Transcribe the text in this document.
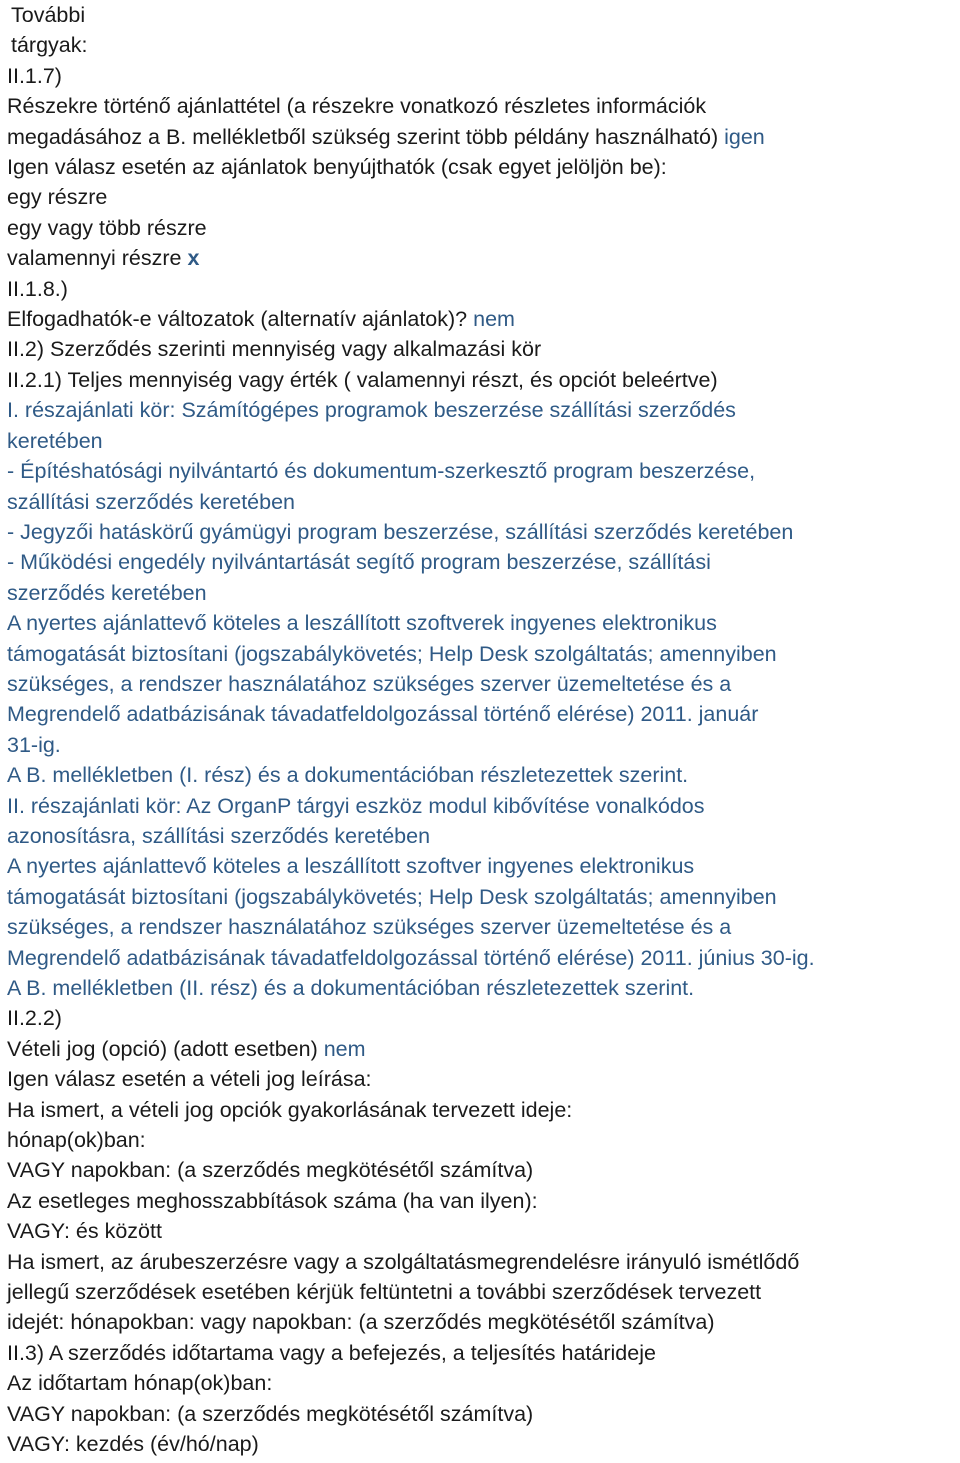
További
tárgyak:
II.1.7)
Részekre történő ajánlattétel (a részekre vonatkozó részletes információk
megadásához a B. mellékletből szükség szerint több példány használható) igen
Igen válasz esetén az ajánlatok benyújthatók (csak egyet jelöljön be):
egy részre
egy vagy több részre
valamennyi részre x
II.1.8.)
Elfogadhatók-e változatok (alternatív ajánlatok)? nem
II.2) Szerződés szerinti mennyiség vagy alkalmazási kör
II.2.1) Teljes mennyiség vagy érték ( valamennyi részt, és opciót beleértve)
I. részajánlati kör: Számítógépes programok beszerzése szállítási szerződés
keretében
- Építéshatósági nyilvántartó és dokumentum-szerkesztő program beszerzése,
szállítási szerződés keretében
- Jegyzői hatáskörű gyámügyi program beszerzése, szállítási szerződés keretében
- Működési engedély nyilvántartását segítő program beszerzése, szállítási
szerződés keretében
A nyertes ajánlattevő köteles a leszállított szoftverek ingyenes elektronikus
támogatását biztosítani (jogszabálykövetés; Help Desk szolgáltatás; amennyiben
szükséges, a rendszer használatához szükséges szerver üzemeltetése és a
Megrendelő adatbázisának távadatfeldolgozással történő elérése) 2011. január
31-ig.
A B. mellékletben (I. rész) és a dokumentációban részletezettek szerint.
II. részajánlati kör: Az OrganP tárgyi eszköz modul kibővítése vonalkódos
azonosításra, szállítási szerződés keretében
A nyertes ajánlattevő köteles a leszállított szoftver ingyenes elektronikus
támogatását biztosítani (jogszabálykövetés; Help Desk szolgáltatás; amennyiben
szükséges, a rendszer használatához szükséges szerver üzemeltetése és a
Megrendelő adatbázisának távadatfeldolgozással történő elérése) 2011. június 30-ig.
A B. mellékletben (II. rész) és a dokumentációban részletezettek szerint.
II.2.2)
Vételi jog (opció) (adott esetben) nem
Igen válasz esetén a vételi jog leírása:
Ha ismert, a vételi jog opciók gyakorlásának tervezett ideje:
hónap(ok)ban:
VAGY napokban: (a szerződés megkötésétől számítva)
Az esetleges meghosszabbítások száma (ha van ilyen):
VAGY: és között
Ha ismert, az árubeszerzésre vagy a szolgáltatásmegrendelésre irányuló ismétlődő
jellegű szerződések esetében kérjük feltüntetni a további szerződések tervezett
idejét: hónapokban: vagy napokban: (a szerződés megkötésétől számítva)
II.3) A szerződés időtartama vagy a befejezés, a teljesítés határideje
Az időtartam hónap(ok)ban:
VAGY napokban: (a szerződés megkötésétől számítva)
VAGY: kezdés (év/hó/nap)
